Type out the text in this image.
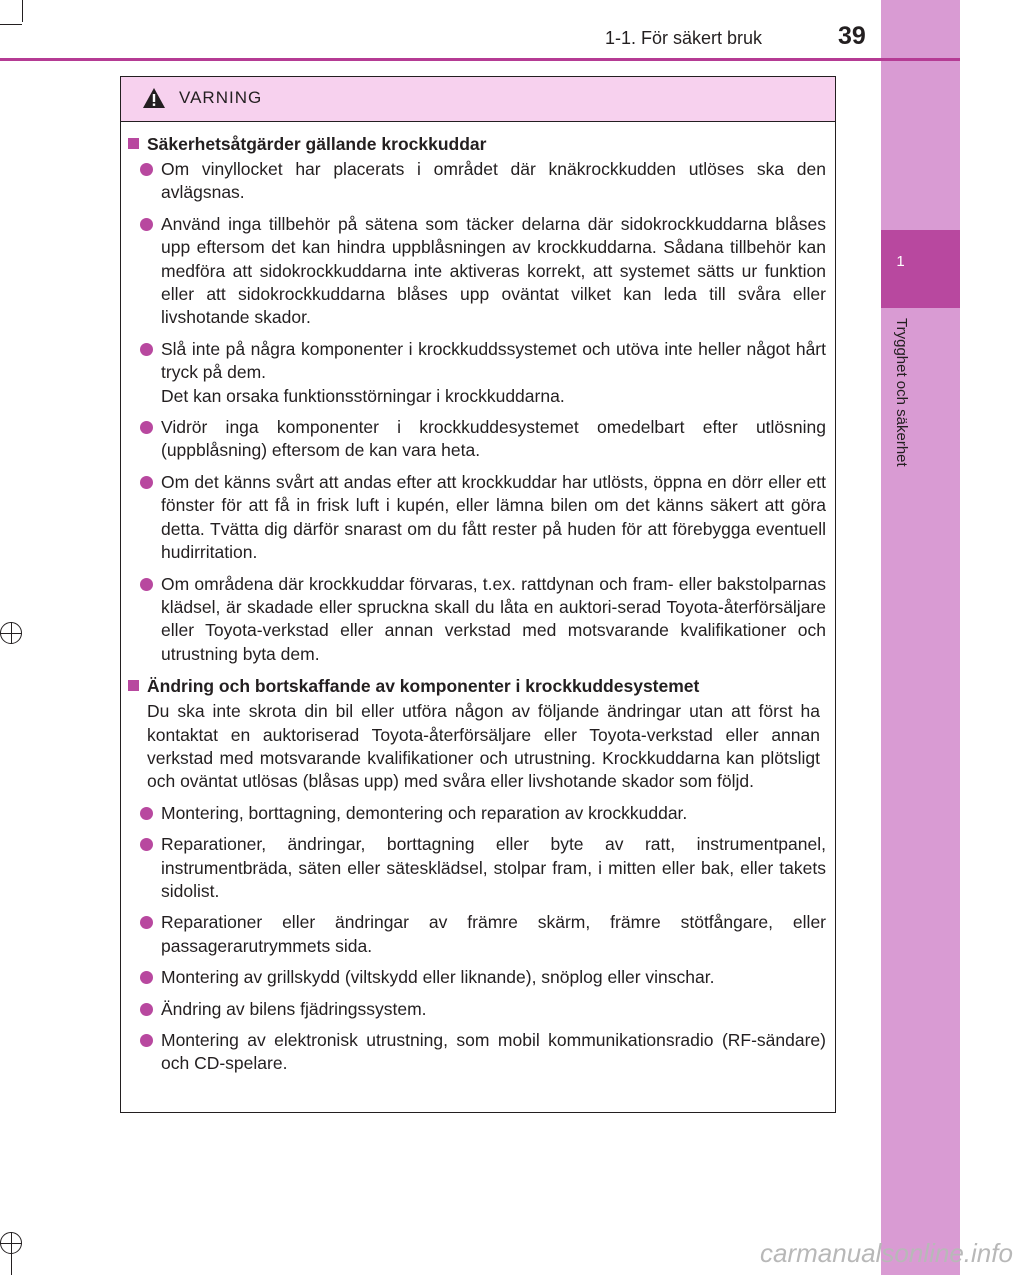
1
Trygghet och säkerhet
1-1. För säkert bruk	39
VARNING
Säkerhetsåtgärder gällande krockkuddar
Om vinyllocket har placerats i området där knäkrockkudden utlöses ska den avlägsnas.
Använd inga tillbehör på sätena som täcker delarna där sidokrockkuddarna blåses upp eftersom det kan hindra uppblåsningen av krockkuddarna. Sådana tillbehör kan medföra att sidokrockkuddarna inte aktiveras korrekt, att systemet sätts ur funktion eller att sidokrockkuddarna blåses upp oväntat vilket kan leda till svåra eller livshotande skador.
Slå inte på några komponenter i krockkuddssystemet och utöva inte heller något hårt tryck på dem.
Det kan orsaka funktionsstörningar i krockkuddarna.
Vidrör inga komponenter i krockkuddesystemet omedelbart efter utlösning (uppblåsning) eftersom de kan vara heta.
Om det känns svårt att andas efter att krockkuddar har utlösts, öppna en dörr eller ett fönster för att få in frisk luft i kupén, eller lämna bilen om det känns säkert att göra detta. Tvätta dig därför snarast om du fått rester på huden för att förebygga eventuell hudirritation.
Om områdena där krockkuddar förvaras, t.ex. rattdynan och fram- eller bakstolparnas klädsel, är skadade eller spruckna skall du låta en auktori-serad Toyota-återförsäljare eller Toyota-verkstad eller annan verkstad med motsvarande kvalifikationer och utrustning byta dem.
Ändring och bortskaffande av komponenter i krockkuddesystemet
Du ska inte skrota din bil eller utföra någon av följande ändringar utan att först ha kontaktat en auktoriserad Toyota-återförsäljare eller Toyota-verkstad eller annan verkstad med motsvarande kvalifikationer och utrustning. Krockkuddarna kan plötsligt och oväntat utlösas (blåsas upp) med svåra eller livshotande skador som följd.
Montering, borttagning, demontering och reparation av krockkuddar.
Reparationer, ändringar, borttagning eller byte av ratt, instrumentpanel, instrumentbräda, säten eller sätesklädsel, stolpar fram, i mitten eller bak, eller takets sidolist.
Reparationer eller ändringar av främre skärm, främre stötfångare, eller passagerarutrymmets sida.
Montering av grillskydd (viltskydd eller liknande), snöplog eller vinschar.
Ändring av bilens fjädringssystem.
Montering av elektronisk utrustning, som mobil kommunikationsradio (RF-sändare) och CD-spelare.
carmanualsonline.info
